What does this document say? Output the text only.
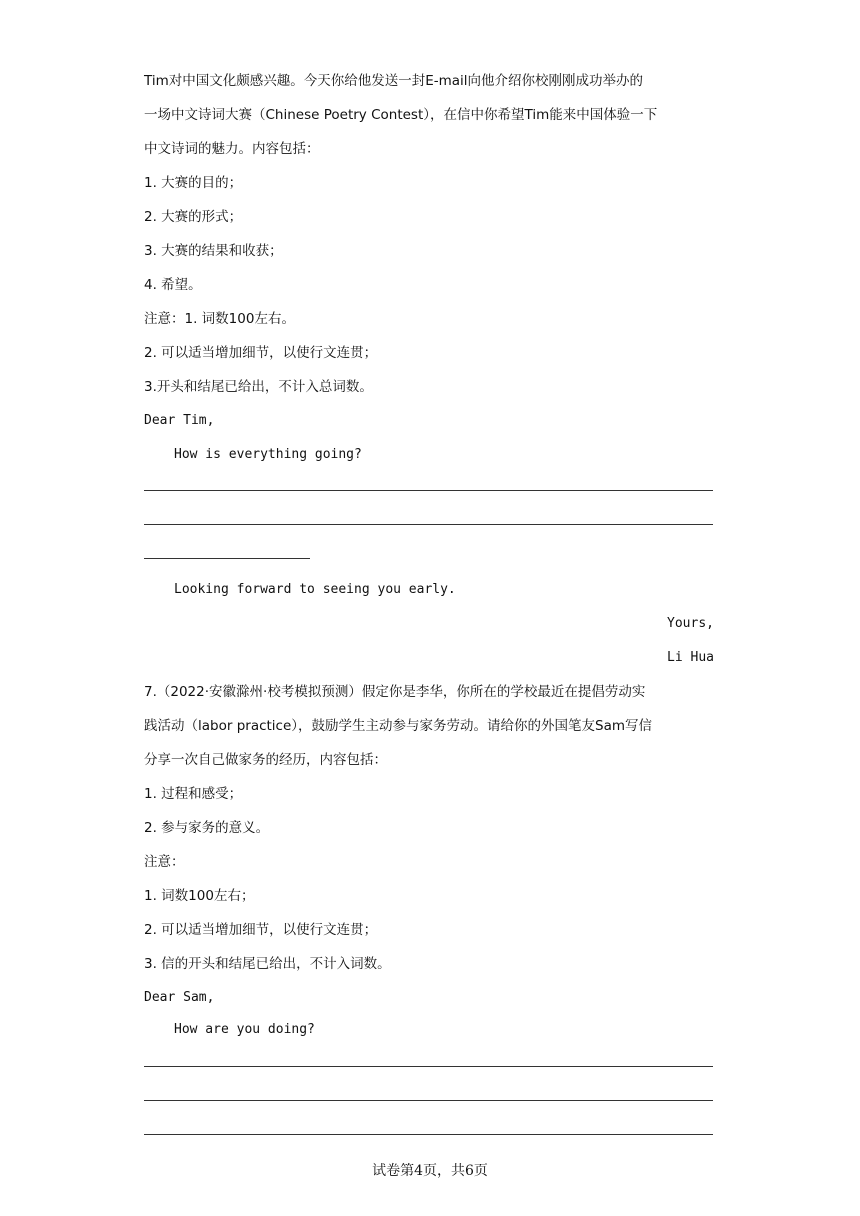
Tim对中国文化颇感兴趣。今天你给他发送一封E-mail向他介绍你校刚刚成功举办的
一场中文诗词大赛（Chinese Poetry Contest），在信中你希望Tim能来中国体验一下
中文诗词的魅力。内容包括：
1. 大赛的目的；
2. 大赛的形式；
3. 大赛的结果和收获；
4. 希望。
注意：1. 词数100左右。
2. 可以适当增加细节，以使行文连贯；
3.开头和结尾已给出，不计入总词数。
Dear Tim,
How is everything going?
Looking forward to seeing you early.
Yours,
Li Hua
7.（2022·安徽滁州·校考模拟预测）假定你是李华，你所在的学校最近在提倡劳动实
践活动（labor practice），鼓励学生主动参与家务劳动。请给你的外国笔友Sam写信
分享一次自己做家务的经历，内容包括：
1. 过程和感受；
2. 参与家务的意义。
注意：
1. 词数100左右；
2. 可以适当增加细节，以使行文连贯；
3. 信的开头和结尾已给出，不计入词数。
Dear Sam,
How are you doing?
试卷第4页，共6页
